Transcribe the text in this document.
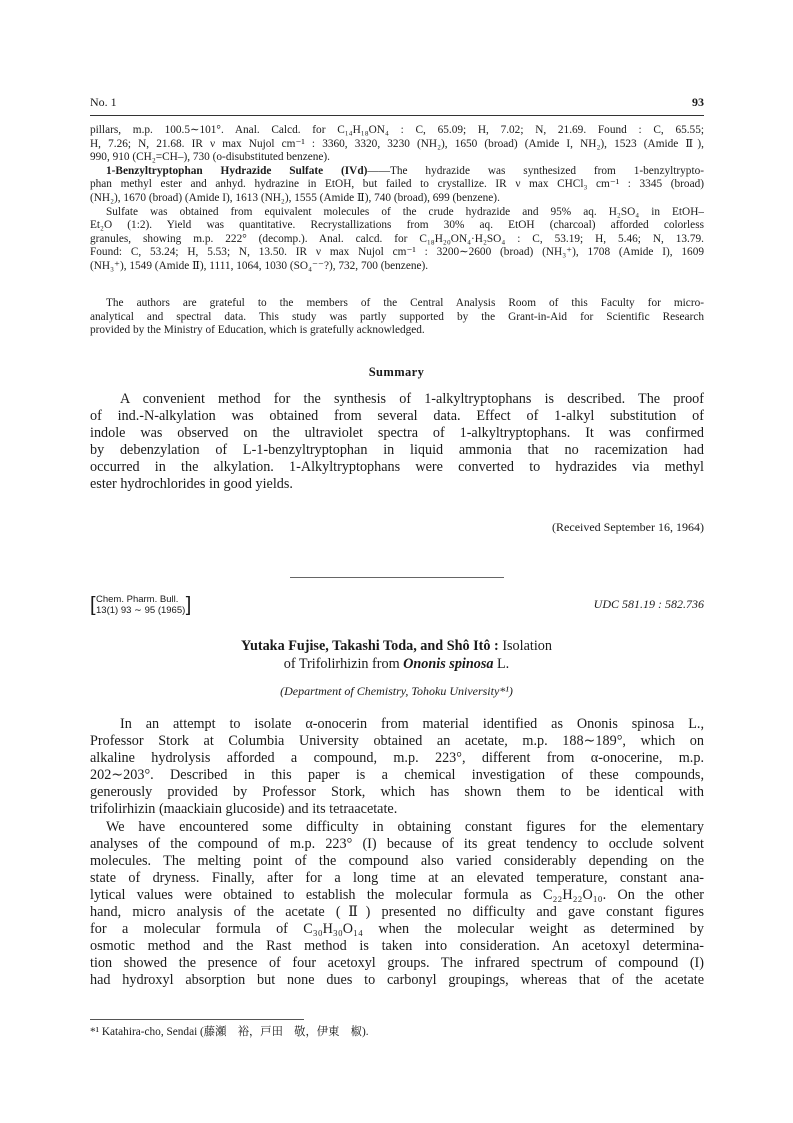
No. 1	93
pillars, m.p. 100.5∼101°. Anal. Calcd. for C₁₄H₁₈ON₄ : C, 65.09; H, 7.02; N, 21.69. Found : C, 65.55;
H, 7.26; N, 21.68. IR ν max Nujol cm⁻¹ : 3360, 3320, 3230 (NH₂), 1650 (broad) (Amide I, NH₂), 1523 (Amide Ⅱ),
990, 910 (CH₂=CH–), 730 (o-disubstituted benzene).
1-Benzyltryptophan Hydrazide Sulfate (IVd)——The hydrazide was synthesized from 1-benzyltrypto-
phan methyl ester and anhyd. hydrazine in EtOH, but failed to crystallize. IR ν max CHCl₃ cm⁻¹ : 3345 (broad)
(NH₂), 1670 (broad) (Amide I), 1613 (NH₂), 1555 (Amide Ⅱ), 740 (broad), 699 (benzene).
Sulfate was obtained from equivalent molecules of the crude hydrazide and 95% aq. H₂SO₄ in EtOH–
Et₂O (1:2). Yield was quantitative. Recrystallizations from 30% aq. EtOH (charcoal) afforded colorless
granules, showing m.p. 222° (decomp.). Anal. calcd. for C₁₈H₂₀ON₄·H₂SO₄ : C, 53.19; H, 5.46; N, 13.79.
Found: C, 53.24; H, 5.53; N, 13.50. IR ν max Nujol cm⁻¹ : 3200∼2600 (broad) (NH₃⁺), 1708 (Amide I), 1609
(NH₃⁺), 1549 (Amide Ⅱ), 1111, 1064, 1030 (SO₄⁻⁻?), 732, 700 (benzene).
The authors are grateful to the members of the Central Analysis Room of this Faculty for micro-
analytical and spectral data. This study was partly supported by the Grant-in-Aid for Scientific Research
provided by the Ministry of Education, which is gratefully acknowledged.
Summary
A convenient method for the synthesis of 1-alkyltryptophans is described. The proof
of ind.-N-alkylation was obtained from several data. Effect of 1-alkyl substitution of
indole was observed on the ultraviolet spectra of 1-alkyltryptophans. It was confirmed
by debenzylation of L-1-benzyltryptophan in liquid ammonia that no racemization had
occurred in the alkylation. 1-Alkyltryptophans were converted to hydrazides via methyl
ester hydrochlorides in good yields.
(Received September 16, 1964)
[ Chem. Pharm. Bull.
13(1) 93 ∼ 95 (1965) ]	UDC 581.19 : 582.736
Yutaka Fujise, Takashi Toda, and Shô Itô : Isolation
of Trifolirhizin from Ononis spinosa L.
(Department of Chemistry, Tohoku University*¹)
In an attempt to isolate α-onocerin from material identified as Ononis spinosa L.,
Professor Stork at Columbia University obtained an acetate, m.p. 188∼189°, which on
alkaline hydrolysis afforded a compound, m.p. 223°, different from α-onocerine, m.p.
202∼203°. Described in this paper is a chemical investigation of these compounds,
generously provided by Professor Stork, which has shown them to be identical with
trifolirhizin (maackiain glucoside) and its tetraacetate.
We have encountered some difficulty in obtaining constant figures for the elementary
analyses of the compound of m.p. 223° (I) because of its great tendency to occlude solvent
molecules. The melting point of the compound also varied considerably depending on the
state of dryness. Finally, after for a long time at an elevated temperature, constant ana-
lytical values were obtained to establish the molecular formula as C₂₂H₂₂O₁₀. On the other
hand, micro analysis of the acetate (Ⅱ) presented no difficulty and gave constant figures
for a molecular formula of C₃₀H₃₀O₁₄ when the molecular weight as determined by
osmotic method and the Rast method is taken into consideration. An acetoxyl determina-
tion showed the presence of four acetoxyl groups. The infrared spectrum of compound (I)
had hydroxyl absorption but none dues to carbonyl groupings, whereas that of the acetate
*¹ Katahira-cho, Sendai (藤瀬　裕，戸田　敬，伊東　椒).
